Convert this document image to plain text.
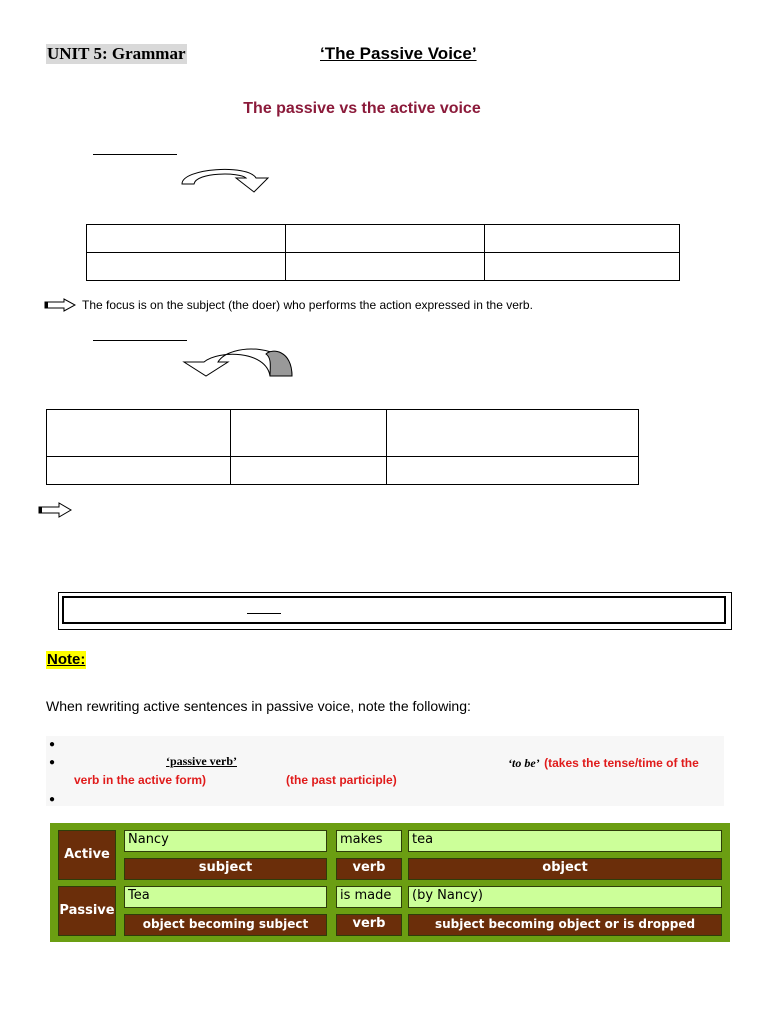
UNIT 5: Grammar	‘The Passive Voice’
The passive vs the active voice

The focus is on the subject (the doer) who performs the action expressed in the verb.

Note:
When rewriting active sentences in passive voice, note the following:
●
●
●
‘passive verb’	‘to be’ (takes the tense/time of the
verb in the active form)	(the past participle)
Active
Nancy	makes	tea
subject	verb	object
Passive
Tea	is made	(by Nancy)
object becoming subject	verb	subject becoming object or is dropped
